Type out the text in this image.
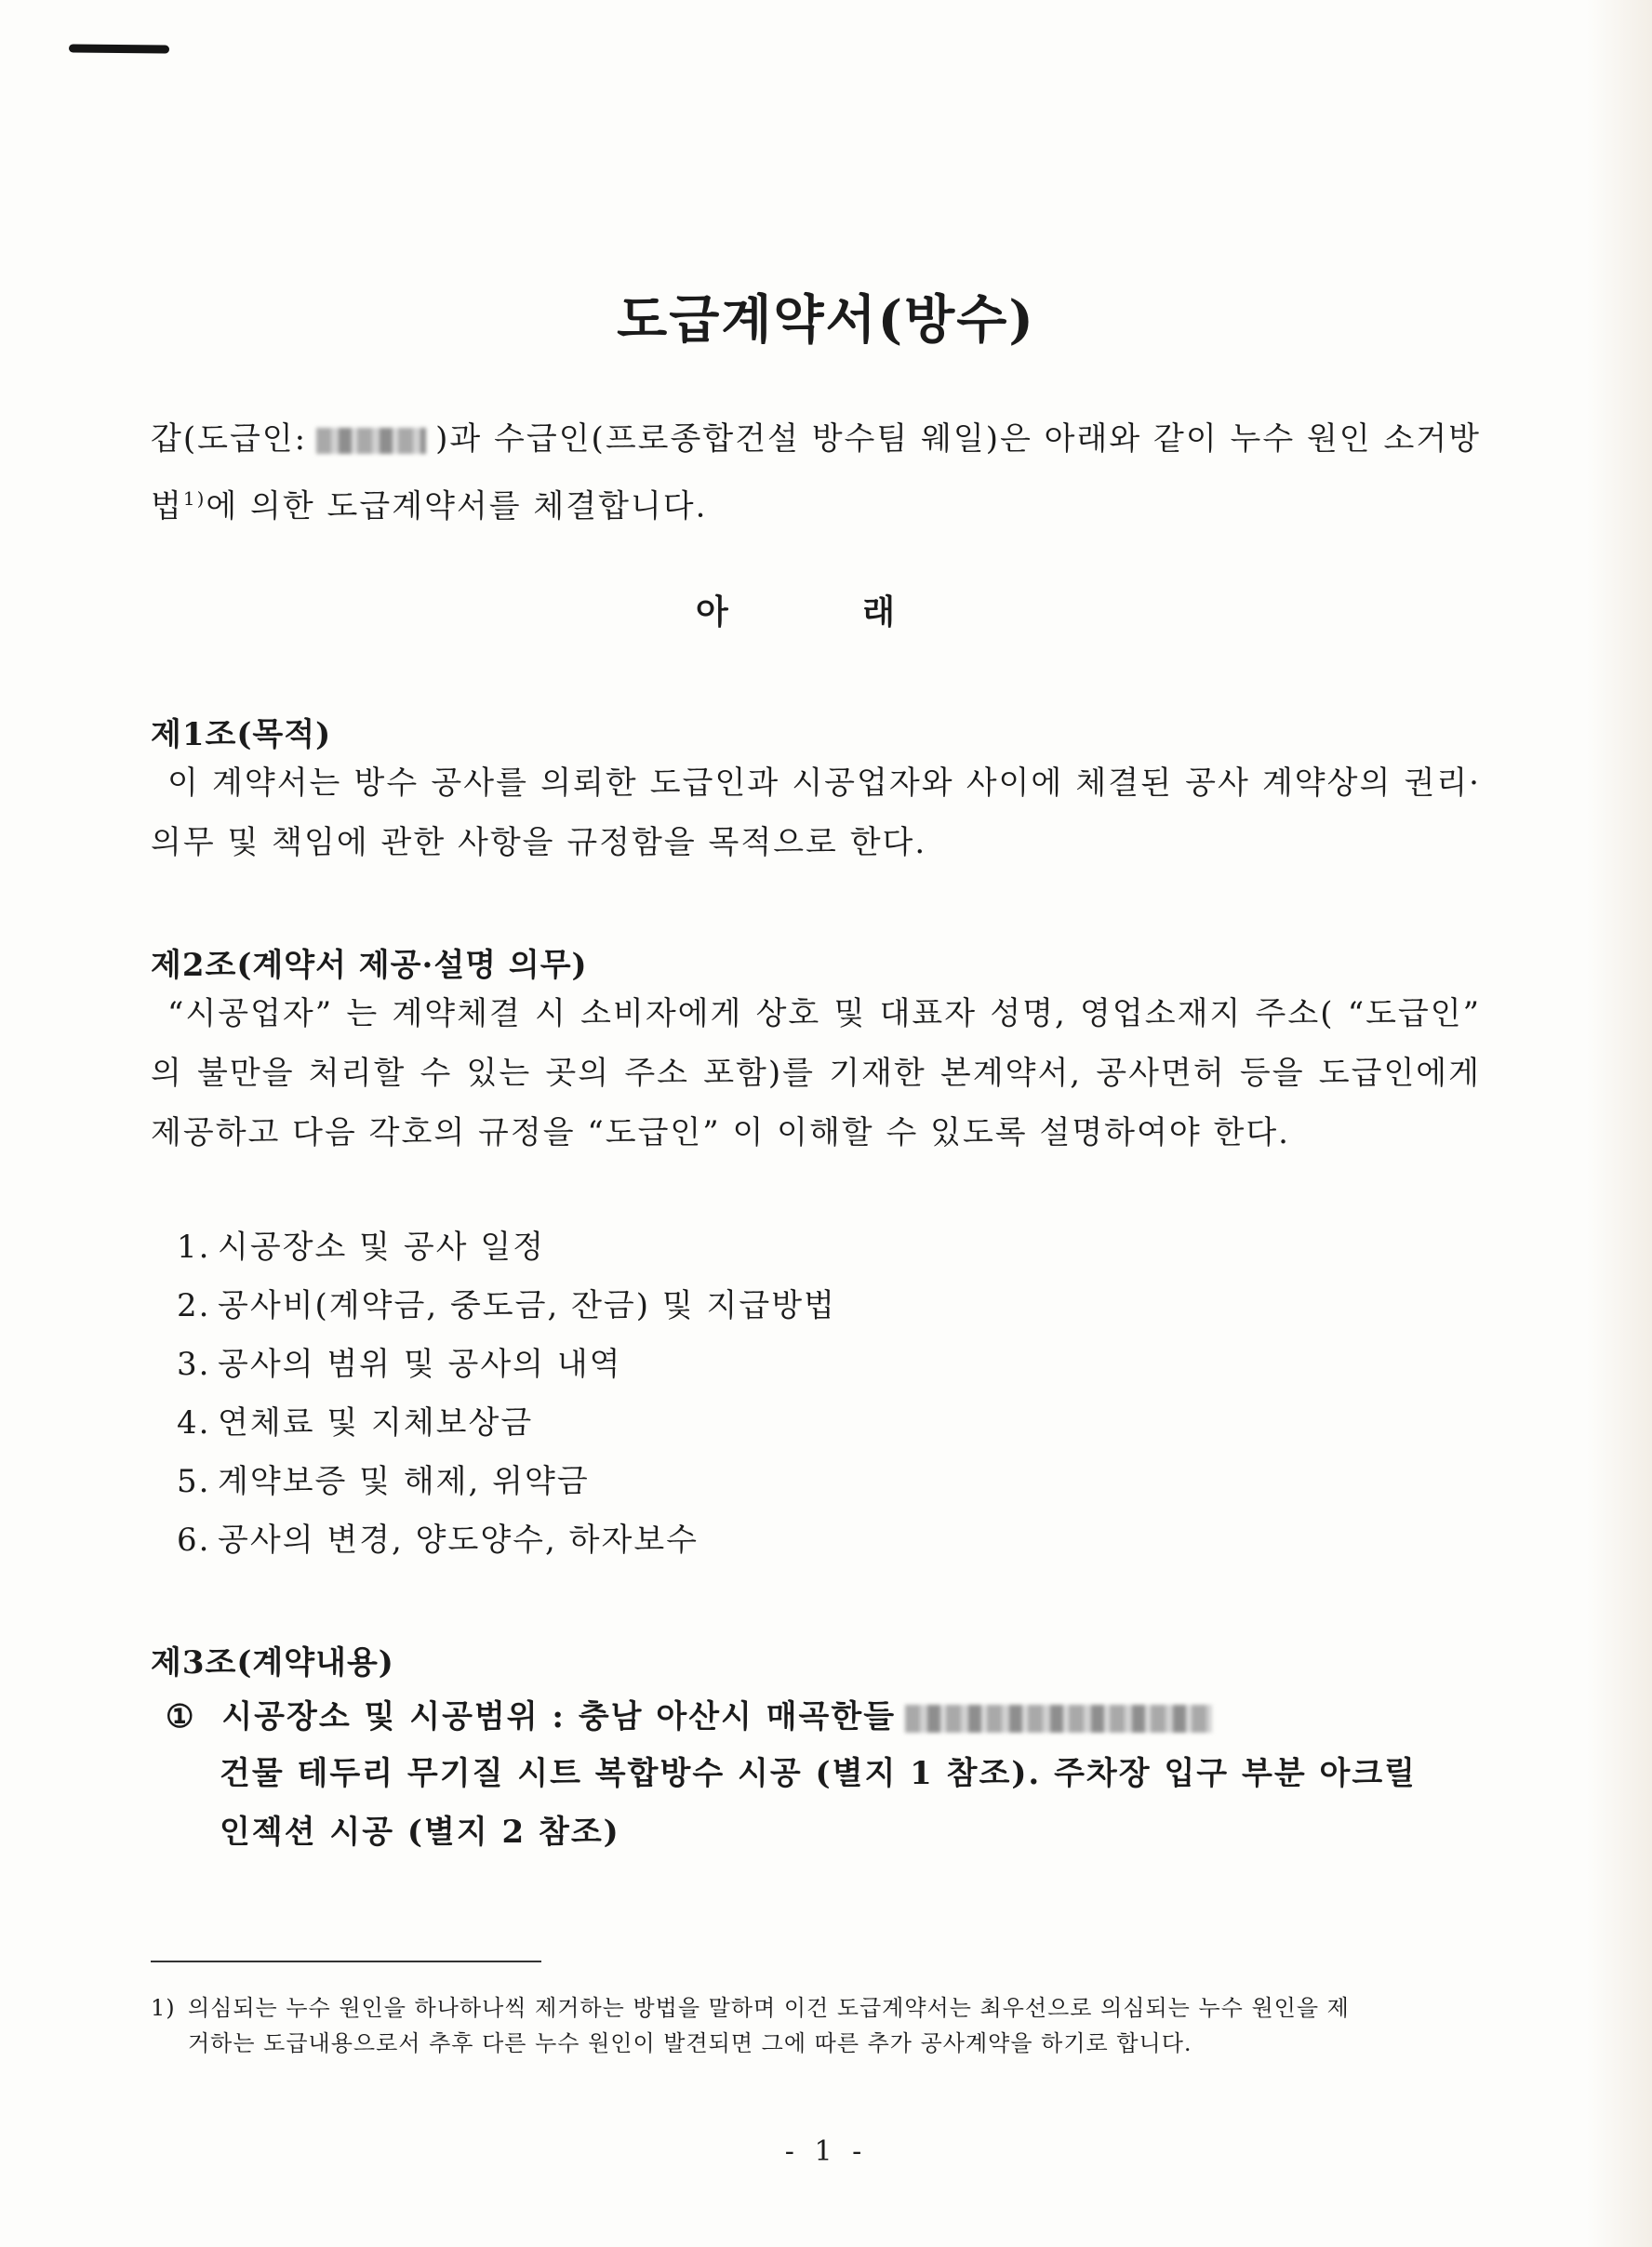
도급계약서(방수)
갑(도급인:	)과 수급인(프로종합건설 방수팀 웨일)은 아래와 같이 누수 원인 소거방법$^{1)}$에 의한 도급계약서를 체결합니다.
아 래
제1조(목적)
이 계약서는 방수 공사를 의뢰한 도급인과 시공업자와 사이에 체결된 공사 계약상의 권리·의무 및 책임에 관한 사항을 규정함을 목적으로 한다.
제2조(계약서 제공·설명 의무)
“시공업자” 는 계약체결 시 소비자에게 상호 및 대표자 성명, 영업소재지 주소( “도급인” 의 불만을 처리할 수 있는 곳의 주소 포함)를 기재한 본계약서, 공사면허 등을 도급인에게 제공하고 다음 각호의 규정을 “도급인” 이 이해할 수 있도록 설명하여야 한다.
1. 시공장소 및 공사 일정
2. 공사비(계약금, 중도금, 잔금) 및 지급방법
3. 공사의 범위 및 공사의 내역
4. 연체료 및 지체보상금
5. 계약보증 및 해제, 위약금
6. 공사의 변경, 양도양수, 하자보수
제3조(계약내용)
① 시공장소 및 시공범위 : 충남 아산시 매곡한들
건물 테두리 무기질 시트 복합방수 시공 (별지 1 참조). 주차장 입구 부분 아크릴
인젝션 시공 (별지 2 참조)
1) 의심되는 누수 원인을 하나하나씩 제거하는 방법을 말하며 이건 도급계약서는 최우선으로 의심되는 누수 원인을 제
거하는 도급내용으로서 추후 다른 누수 원인이 발견되면 그에 따른 추가 공사계약을 하기로 합니다.
- 1 -
